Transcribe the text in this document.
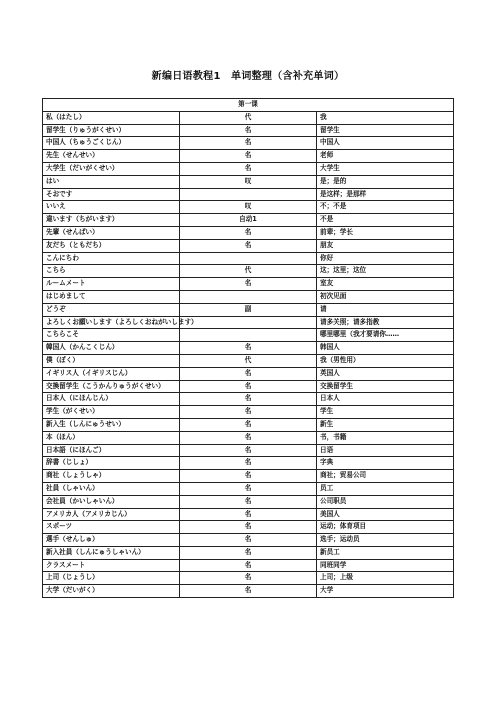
新编日语教程1　单词整理（含补充单词）
第一课		
私（はたし）	代	我
留学生（りゅうがくせい）	名	留学生
中国人（ちゅうごくじん）	名	中国人
先生（せんせい）	名	老师
大学生（だいがくせい）	名	大学生
はい	叹	是；是的
そおです		是这样；是那样
いいえ	叹	不；不是
違います（ちがいます）	自动1	不是
先輩（せんぱい）	名	前辈；学长
友だち（ともだち）	名	朋友
こんにちわ		你好
こちら	代	这；这里；这位
ルームメート	名	室友
はじめまして		初次见面
どうぞ	副	请
よろしくお願いします（よろしくおねがいします）		请多关照；请多指教
こちらこそ		哪里哪里（我才要请你……
韓国人（かんこくじん）	名	韩国人
僕（ぼく）	代	我（男性用）
イギリス人（イギリスじん）	名	英国人
交換留学生（こうかんりゅうがくせい）	名	交换留学生
日本人（にほんじん）	名	日本人
学生（がくせい）	名	学生
新入生（しんにゅうせい）	名	新生
本（ほん）	名	书，书籍
日本語（にほんご）	名	日语
辞書（じしょ）	名	字典
商社（しょうしゃ）	名	商社；贸易公司
社員（しゃいん）	名	员工
会社員（かいしゃいん）	名	公司职员
アメリカ人（アメリカじん）	名	美国人
スポーツ	名	运动；体育项目
選手（せんしゅ）	名	选手；运动员
新入社員（しんにゅうしゃいん）	名	新员工
クラスメート	名	同班同学
上司（じょうし）	名	上司；上级
大学（だいがく）	名	大学
